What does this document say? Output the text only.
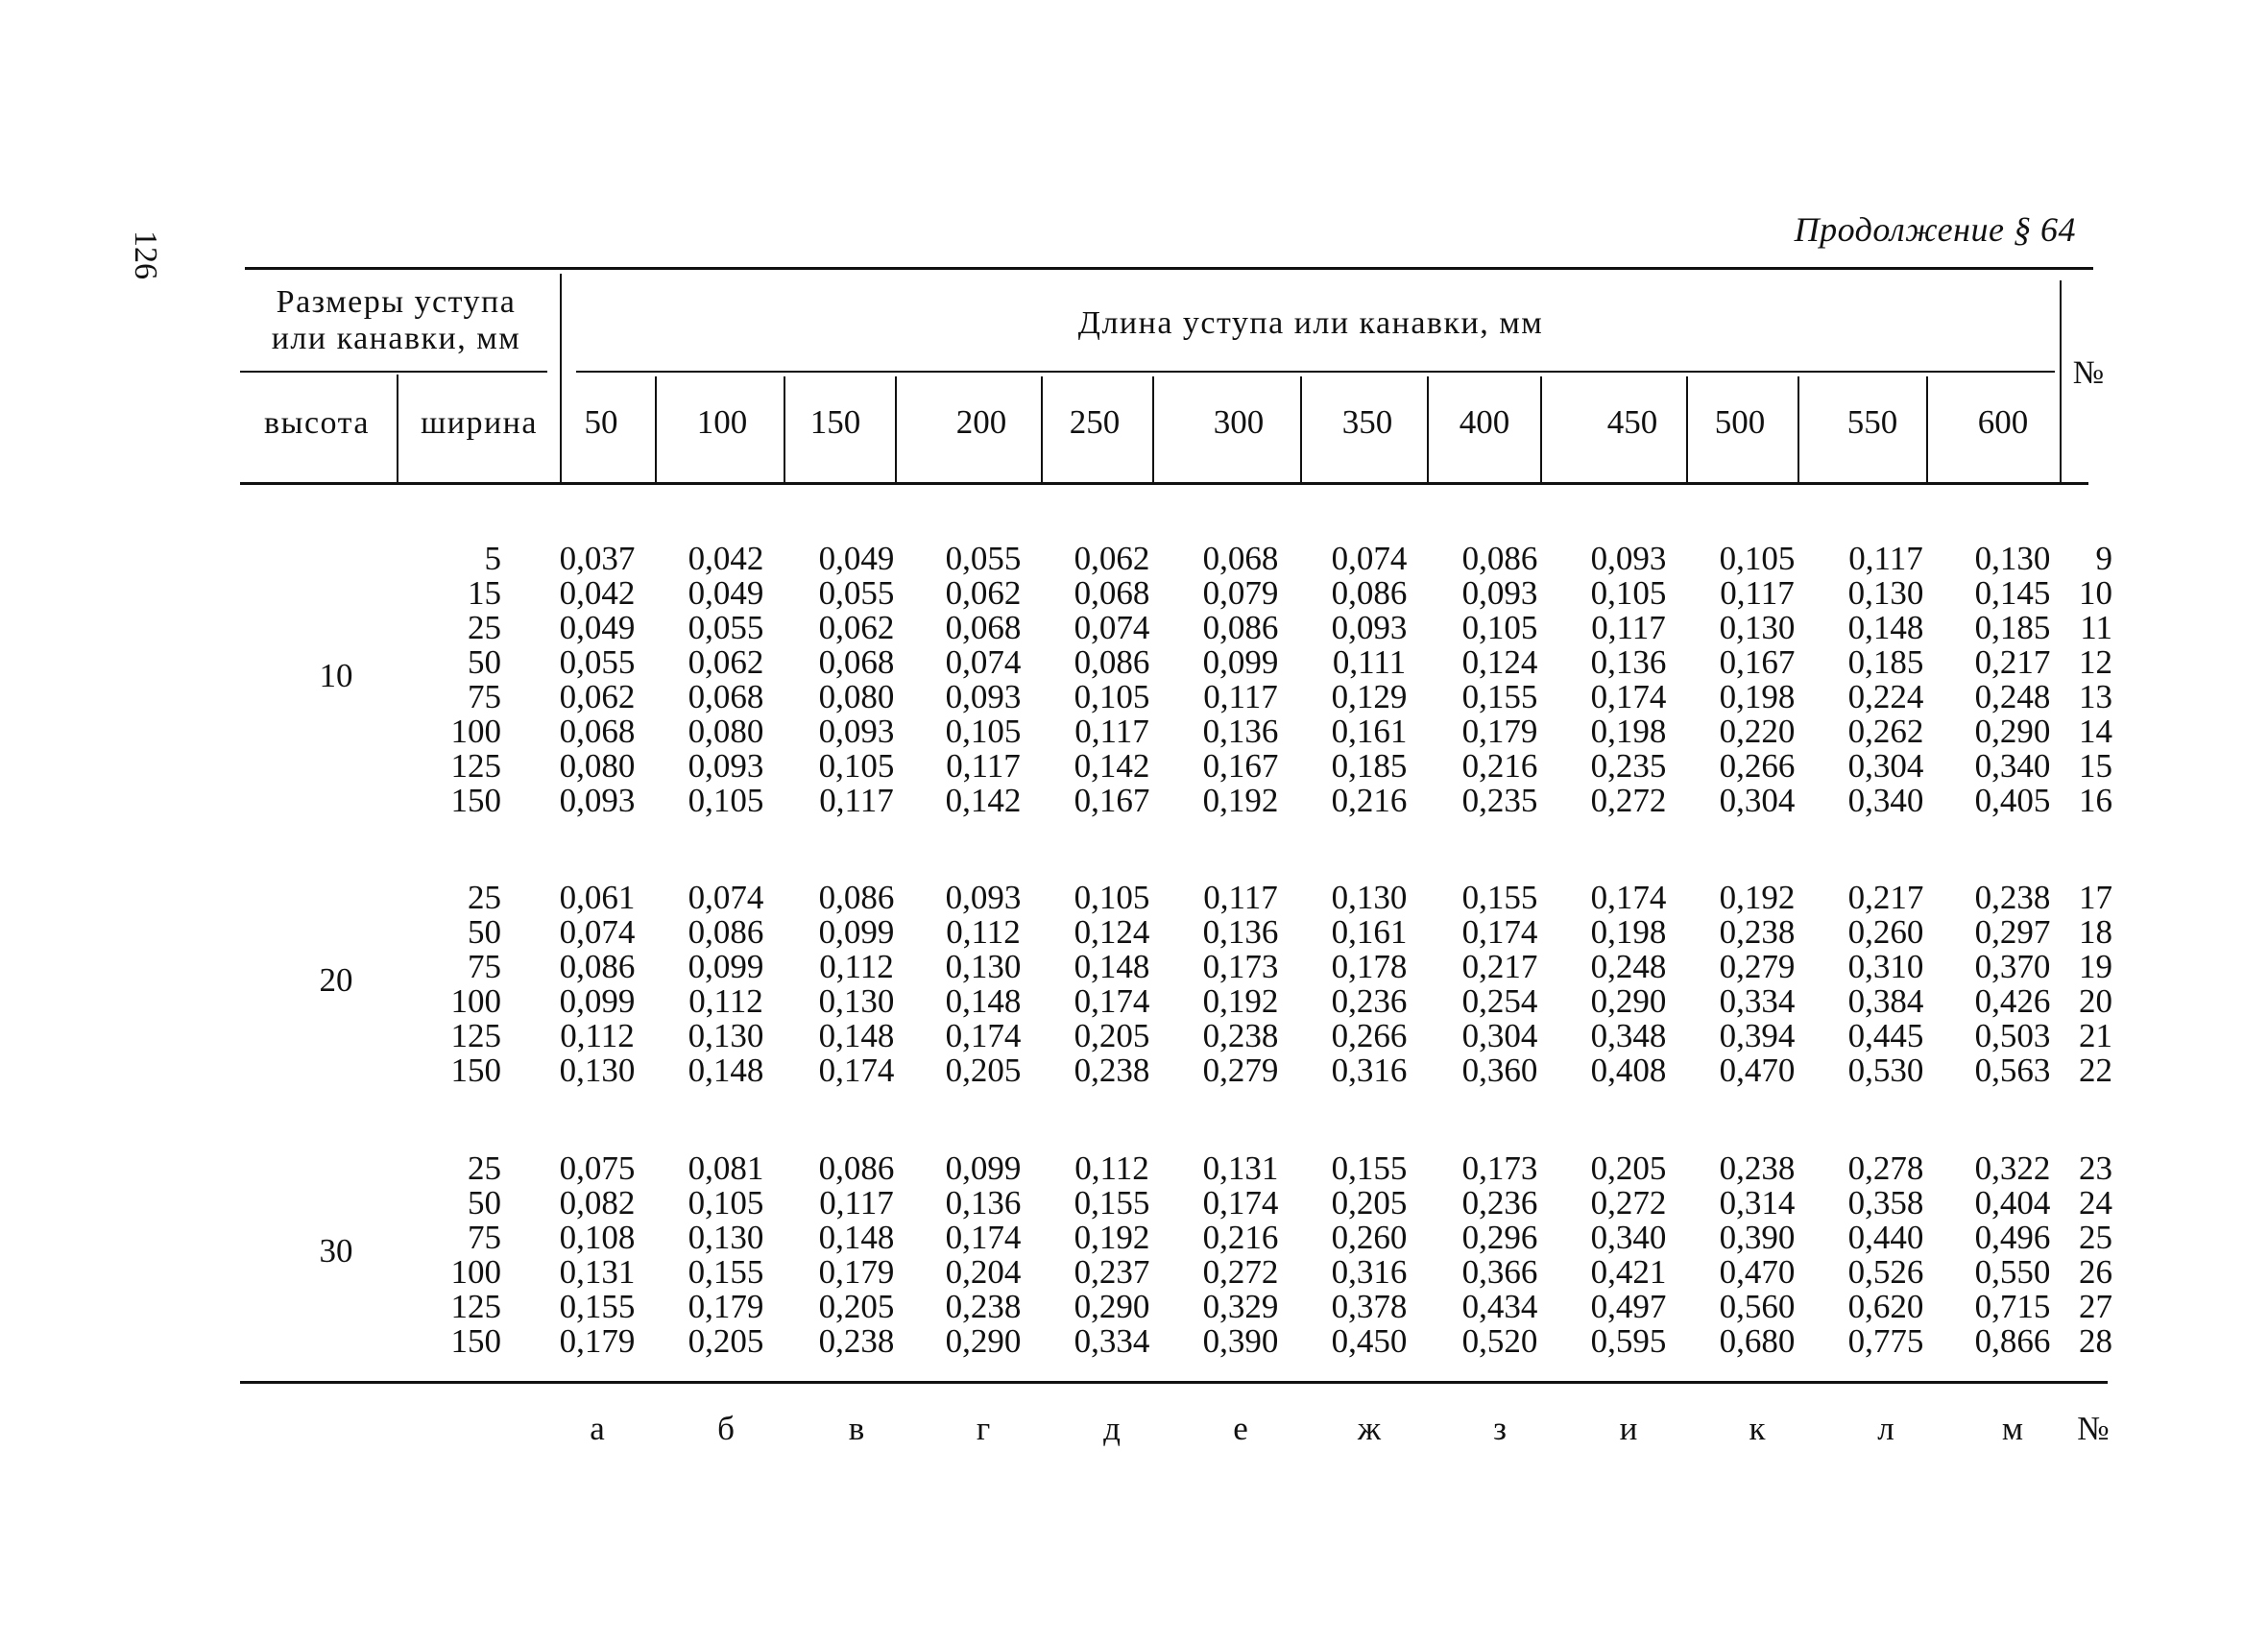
126
Продолжение § 64
Размеры уступа
или канавки, мм	Длина уступа или канавки, мм
высота	ширина
№
50	100	150	200	250	300	350	400	450	500	550	600
10
5	0,037	0,042	0,049	0,055	0,062	0,068	0,074	0,086	0,093	0,105	0,117	0,130	9
15	0,042	0,049	0,055	0,062	0,068	0,079	0,086	0,093	0,105	0,117	0,130	0,145 10
25	0,049	0,055	0,062	0,068	0,074	0,086	0,093	0,105	0,117	0,130	0,148	0,185 11
50	0,055	0,062	0,068	0,074	0,086	0,099	0,111	0,124	0,136	0,167	0,185	0,217 12
75	0,062	0,068	0,080	0,093	0,105	0,117	0,129	0,155	0,174	0,198	0,224	0,248 13
100	0,068	0,080	0,093	0,105	0,117	0,136	0,161	0,179	0,198	0,220	0,262	0,290 14
125	0,080	0,093	0,105	0,117	0,142	0,167	0,185	0,216	0,235	0,266	0,304	0,340 15
150	0,093	0,105	0,117	0,142	0,167	0,192	0,216	0,235	0,272	0,304	0,340	0,405 16
20
25	0,061	0,074	0,086	0,093	0,105	0,117	0,130	0,155	0,174	0,192	0,217	0,238 17
50	0,074	0,086	0,099	0,112	0,124	0,136	0,161	0,174	0,198	0,238	0,260	0,297 18
75	0,086	0,099	0,112	0,130	0,148	0,173	0,178	0,217	0,248	0,279	0,310	0,370 19
100	0,099	0,112	0,130	0,148	0,174	0,192	0,236	0,254	0,290	0,334	0,384	0,426 20
125	0,112	0,130	0,148	0,174	0,205	0,238	0,266	0,304	0,348	0,394	0,445	0,503 21
150	0,130	0,148	0,174	0,205	0,238	0,279	0,316	0,360	0,408	0,470	0,530	0,563 22
30
25	0,075	0,081	0,086	0,099	0,112	0,131	0,155	0,173	0,205	0,238	0,278	0,322 23
50	0,082	0,105	0,117	0,136	0,155	0,174	0,205	0,236	0,272	0,314	0,358	0,404 24
75	0,108	0,130	0,148	0,174	0,192	0,216	0,260	0,296	0,340	0,390	0,440	0,496 25
100	0,131	0,155	0,179	0,204	0,237	0,272	0,316	0,366	0,421	0,470	0,526	0,550 26
125	0,155	0,179	0,205	0,238	0,290	0,329	0,378	0,434	0,497	0,560	0,620	0,715 27
150	0,179	0,205	0,238	0,290	0,334	0,390	0,450	0,520	0,595	0,680	0,775	0,866 28
а	б	в	г	д	е	ж	з	и	к	л	м	№
